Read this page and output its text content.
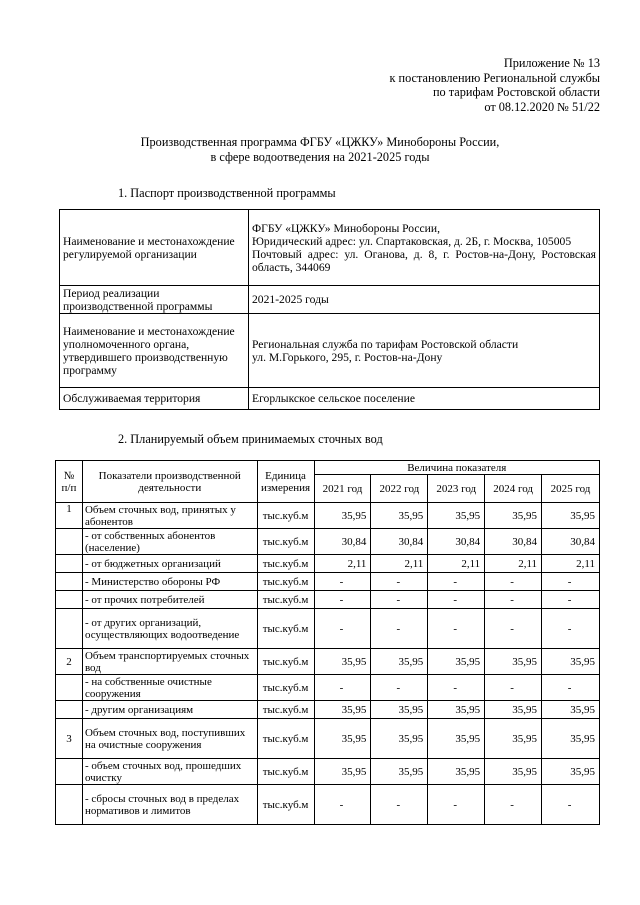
Приложение № 13
к постановлению Региональной службы
по тарифам Ростовской области
от 08.12.2020 № 51/22
Производственная программа ФГБУ «ЦЖКУ» Минобороны России,
в сфере водоотведения на 2021-2025 годы
1. Паспорт производственной программы
Наименование и местонахождение регулируемой организации	ФГБУ «ЦЖКУ» Минобороны России,
Юридический адрес: ул. Спартаковская, д. 2Б, г. Москва, 105005
Почтовый адрес: ул. Оганова, д. 8, г. Ростов-на-Дону, Ростовская область, 344069

Период реализации производственной программы	2021-2025 годы
Наименование и местонахождение уполномоченного органа, утвердившего производственную программу	Региональная служба по тарифам Ростовской области
ул. М.Горького, 295, г. Ростов-на-Дону

Обслуживаемая территория	Егорлыкское сельское поселение
2. Планируемый объем принимаемых сточных вод
№ п/п	Показатели производственной деятельности	Единица измерения	Величина показателя				
			2021 год	2022 год	2023 год	2024 год	2025 год
1	Объем сточных вод, принятых у абонентов	тыс.куб.м	35,95	35,95	35,95	35,95	35,95
	- от собственных абонентов (население)	тыс.куб.м	30,84	30,84	30,84	30,84	30,84
	- от бюджетных организаций	тыс.куб.м	2,11	2,11	2,11	2,11	2,11
	- Министерство обороны РФ	тыс.куб.м	-	-	-	-	-
	- от прочих потребителей	тыс.куб.м	-	-	-	-	-
	- от других организаций, осуществляющих водоотведение	тыс.куб.м	-	-	-	-	-
2	Объем транспортируемых сточных вод	тыс.куб.м	35,95	35,95	35,95	35,95	35,95
	- на собственные очистные сооружения	тыс.куб.м	-	-	-	-	-
	- другим организациям	тыс.куб.м	35,95	35,95	35,95	35,95	35,95
3	Объем сточных вод, поступивших на очистные сооружения	тыс.куб.м	35,95	35,95	35,95	35,95	35,95
	- объем сточных вод, прошедших очистку	тыс.куб.м	35,95	35,95	35,95	35,95	35,95
	- сбросы сточных вод в пределах нормативов и лимитов	тыс.куб.м	-	-	-	-	-
